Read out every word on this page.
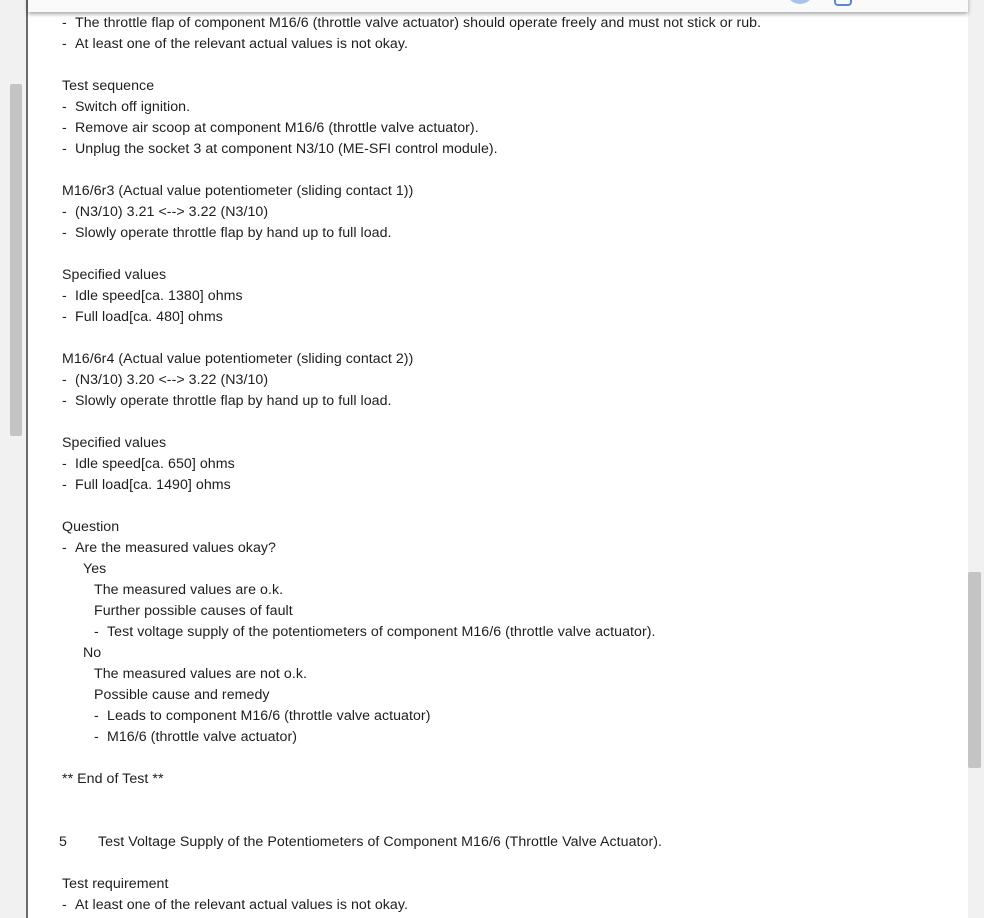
- The throttle flap of component M16/6 (throttle valve actuator) should operate freely and must not stick or rub.
- At least one of the relevant actual values is not okay.
Test sequence
- Switch off ignition.
- Remove air scoop at component M16/6 (throttle valve actuator).
- Unplug the socket 3 at component N3/10 (ME-SFI control module).
M16/6r3 (Actual value potentiometer (sliding contact 1))
- (N3/10) 3.21 <--> 3.22 (N3/10)
- Slowly operate throttle flap by hand up to full load.
Specified values
- Idle speed[ca. 1380] ohms
- Full load[ca. 480] ohms
M16/6r4 (Actual value potentiometer (sliding contact 2))
- (N3/10) 3.20 <--> 3.22 (N3/10)
- Slowly operate throttle flap by hand up to full load.
Specified values
- Idle speed[ca. 650] ohms
- Full load[ca. 1490] ohms
Question
- Are the measured values okay?
Yes
The measured values are o.k.
Further possible causes of fault
- Test voltage supply of the potentiometers of component M16/6 (throttle valve actuator).
No
The measured values are not o.k.
Possible cause and remedy
- Leads to component M16/6 (throttle valve actuator)
- M16/6 (throttle valve actuator)
** End of Test **
5 Test Voltage Supply of the Potentiometers of Component M16/6 (Throttle Valve Actuator).
Test requirement
- At least one of the relevant actual values is not okay.
